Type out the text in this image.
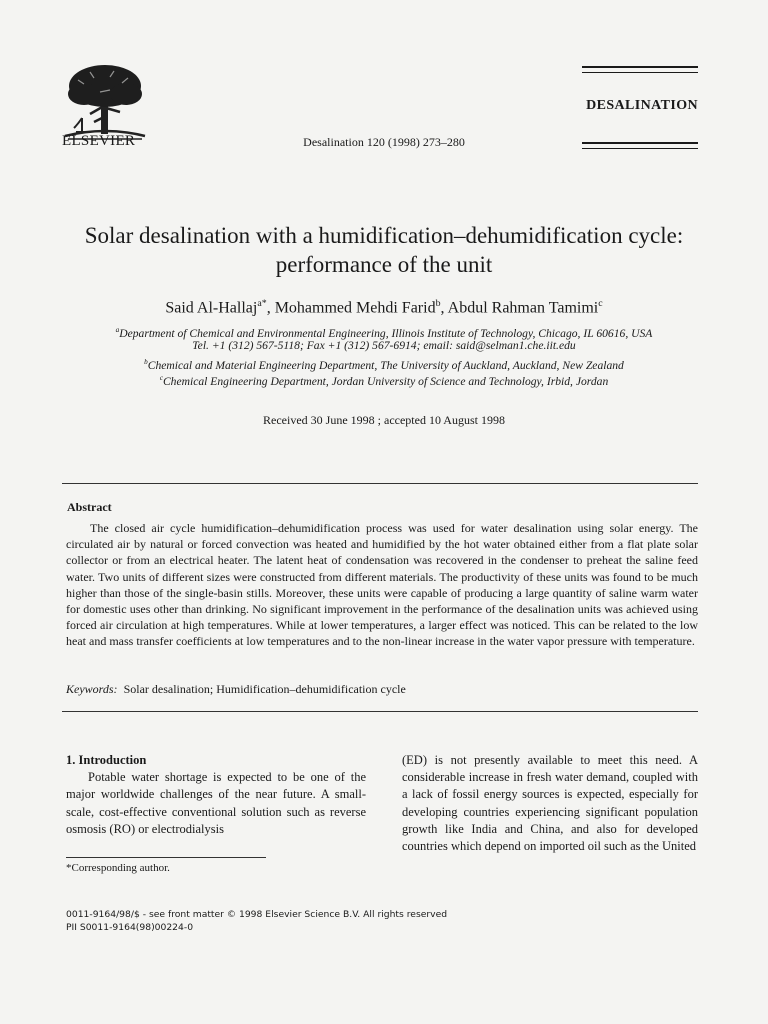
ELSEVIER	Desalination 120 (1998) 273–280
DESALINATION
Solar desalination with a humidification–dehumidification cycle:
performance of the unit
Said Al-Hallaj$^{a*}$, Mohammed Mehdi Farid$^b$, Abdul Rahman Tamimi$^c$
$^a$Department of Chemical and Environmental Engineering, Illinois Institute of Technology, Chicago, IL 60616, USA
Tel. +1 (312) 567-5118; Fax +1 (312) 567-6914; email: said@selman1.che.iit.edu
$^b$Chemical and Material Engineering Department, The University of Auckland, Auckland, New Zealand
$^c$Chemical Engineering Department, Jordan University of Science and Technology, Irbid, Jordan
Received 30 June 1998 ; accepted 10 August 1998
Abstract
The closed air cycle humidification–dehumidification process was used for water desalination using solar energy. The circulated air by natural or forced convection was heated and humidified by the hot water obtained either from a flat plate solar collector or from an electrical heater. The latent heat of condensation was recovered in the condenser to preheat the saline feed water. Two units of different sizes were constructed from different materials. The productivity of these units was found to be much higher than those of the single-basin stills. Moreover, these units were capable of producing a large quantity of saline warm water for domestic uses other than drinking. No significant improvement in the performance of the desalination units was achieved using forced air circulation at high temperatures. While at lower temperatures, a larger effect was noticed. This can be related to the low heat and mass transfer coefficients at low temperatures and to the non-linear increase in the water vapor pressure with temperature.
Keywords: Solar desalination; Humidification–dehumidification cycle

1. Introduction

Potable water shortage is expected to be one of the major worldwide challenges of the near future. A small-scale, cost-effective conventional solution such as reverse osmosis (RO) or electrodialysis

(ED) is not presently available to meet this need. A considerable increase in fresh water demand, coupled with a lack of fossil energy sources is expected, especially for developing countries experiencing significant population growth like India and China, and also for developed countries which depend on imported oil such as the United

*Corresponding author.
0011-9164/98/$ - see front matter © 1998 Elsevier Science B.V. All rights reserved
PII S0011-9164(98)00224-0
